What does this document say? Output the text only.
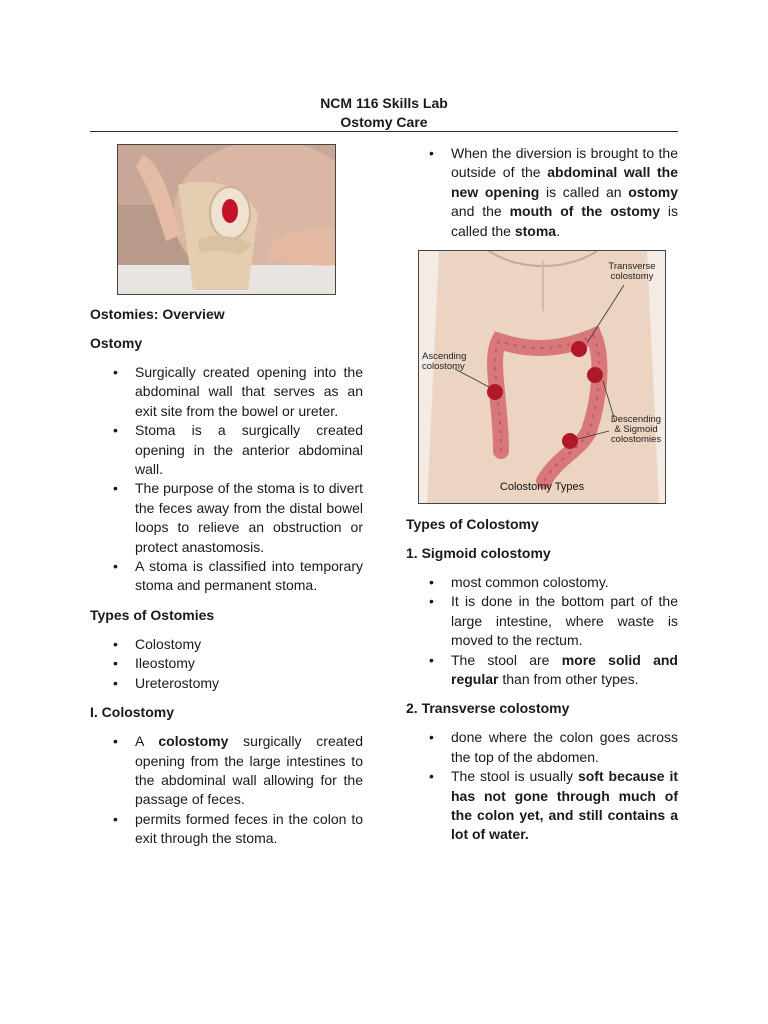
NCM 116 Skills Lab
Ostomy Care
Ostomies: Overview
Ostomy
• Surgically created opening into the abdominal wall that serves as an exit site from the bowel or ureter.
• Stoma is a surgically created opening in the anterior abdominal wall.
• The purpose of the stoma is to divert the feces away from the distal bowel loops to relieve an obstruction or protect anastomosis.
• A stoma is classified into temporary stoma and permanent stoma.
Types of Ostomies
• Colostomy
• Ileostomy
• Ureterostomy
I. Colostomy
• A colostomy surgically created opening from the large intestines to the abdominal wall allowing for the passage of feces.
• permits formed feces in the colon to exit through the stoma.
• When the diversion is brought to the outside of the abdominal wall the new opening is called an ostomy and the mouth of the ostomy is called the stoma.
Transverse colostomy
Ascending colostomy
Descending & Sigmoid colostomies
Colostomy Types
Types of Colostomy
1. Sigmoid colostomy
• most common colostomy.
• It is done in the bottom part of the large intestine, where waste is moved to the rectum.
• The stool are more solid and regular than from other types.
2. Transverse colostomy
• done where the colon goes across the top of the abdomen.
• The stool is usually soft because it has not gone through much of the colon yet, and still contains a lot of water.
